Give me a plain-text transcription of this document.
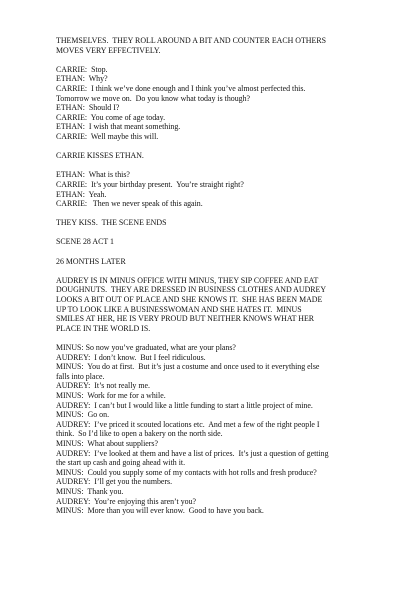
THEMSELVES.  THEY ROLL AROUND A BIT AND COUNTER EACH OTHERS
MOVES VERY EFFECTIVELY.
CARRIE:  Stop.
ETHAN:  Why?
CARRIE:  I think we’ve done enough and I think you’ve almost perfected this.
Tomorrow we move on.  Do you know what today is though?
ETHAN:  Should I?
CARRIE:  You come of age today.
ETHAN:  I wish that meant something.
CARRIE:  Well maybe this will.
CARRIE KISSES ETHAN.
ETHAN:  What is this?
CARRIE:  It’s your birthday present.  You’re straight right?
ETHAN:  Yeah.
CARRIE:   Then we never speak of this again.
THEY KISS.  THE SCENE ENDS
SCENE 28 ACT 1
26 MONTHS LATER
AUDREY IS IN MINUS OFFICE WITH MINUS, THEY SIP COFFEE AND EAT
DOUGHNUTS.  THEY ARE DRESSED IN BUSINESS CLOTHES AND AUDREY
LOOKS A BIT OUT OF PLACE AND SHE KNOWS IT.  SHE HAS BEEN MADE
UP TO LOOK LIKE A BUSINESSWOMAN AND SHE HATES IT.  MINUS
SMILES AT HER, HE IS VERY PROUD BUT NEITHER KNOWS WHAT HER
PLACE IN THE WORLD IS.
MINUS: So now you’ve graduated, what are your plans?
AUDREY:  I don’t know.  But I feel ridiculous.
MINUS:  You do at first.  But it’s just a costume and once used to it everything else
falls into place.
AUDREY:  It’s not really me.
MINUS:  Work for me for a while.
AUDREY:  I can’t but I would like a little funding to start a little project of mine.
MINUS:  Go on.
AUDREY:  I’ve priced it scouted locations etc.  And met a few of the right people I
think.  So I’d like to open a bakery on the north side.
MINUS:  What about suppliers?
AUDREY:  I’ve looked at them and have a list of prices.  It’s just a question of getting
the start up cash and going ahead with it.
MINUS:  Could you supply some of my contacts with hot rolls and fresh produce?
AUDREY:  I’ll get you the numbers.
MINUS:  Thank you.
AUDREY:  You’re enjoying this aren’t you?
MINUS:  More than you will ever know.  Good to have you back.
